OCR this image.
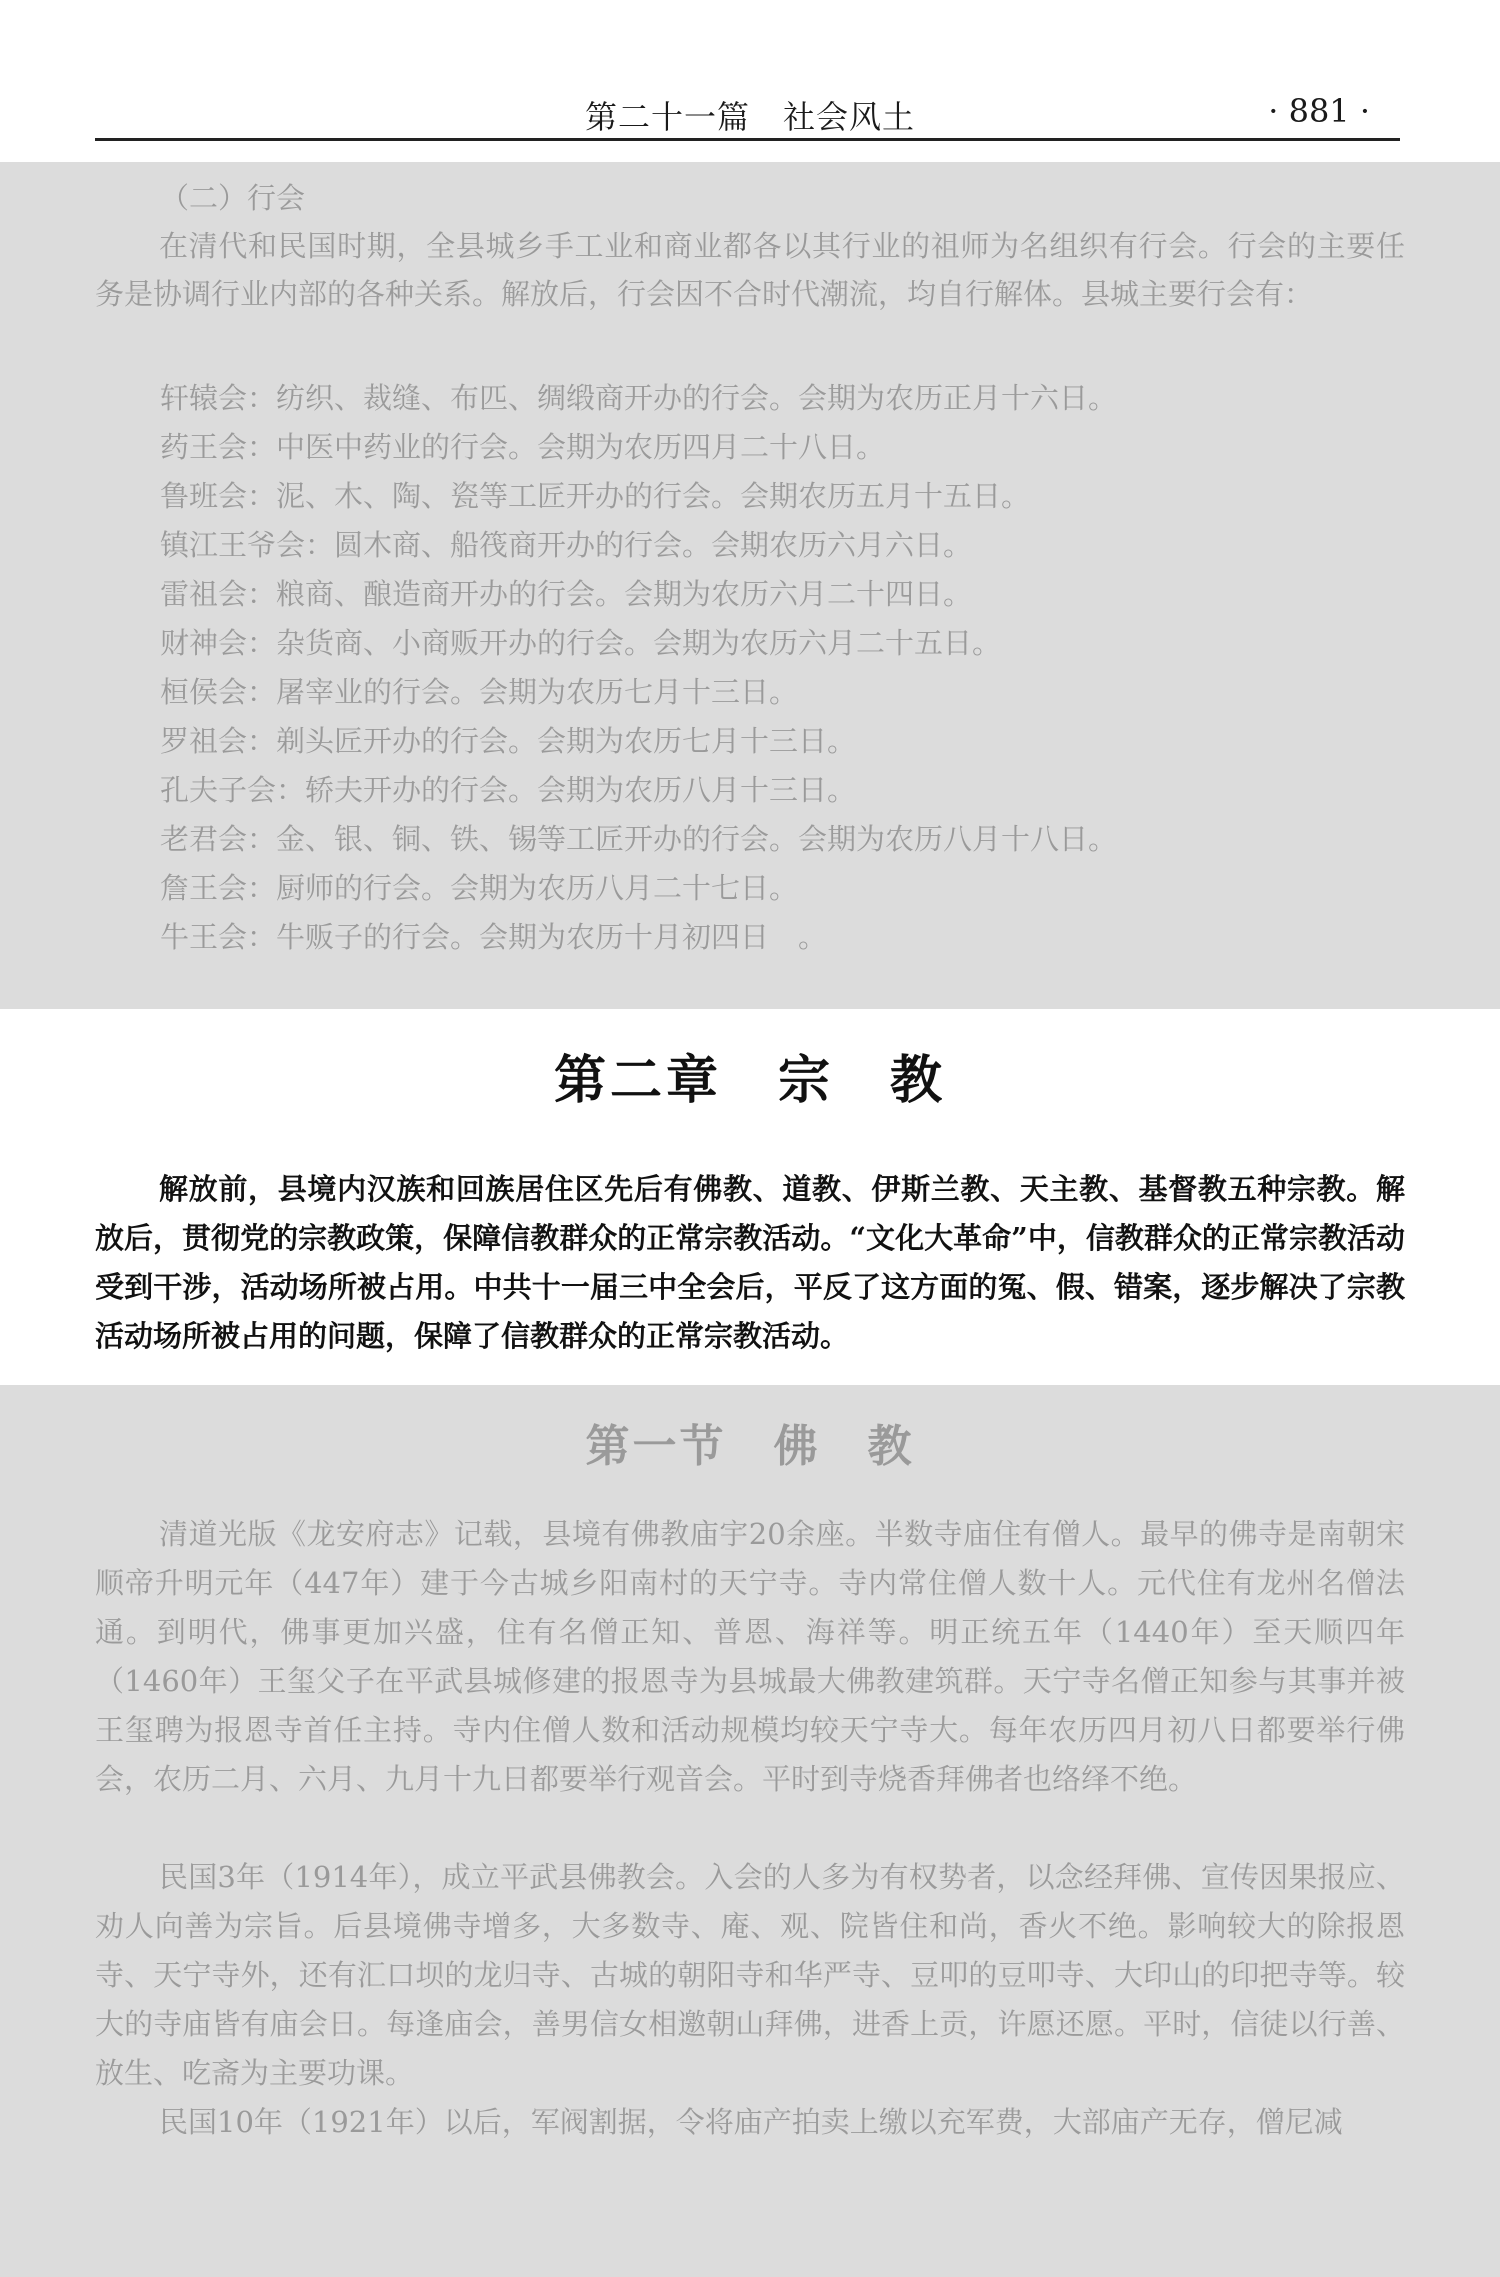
第二十一篇　社会风土	· 881 ·
（二）行会
在清代和民国时期，全县城乡手工业和商业都各以其行业的祖师为名组织有行会。行会的主要任务是协调行业内部的各种关系。解放后，行会因不合时代潮流，均自行解体。县城主要行会有：
轩辕会：纺织、裁缝、布匹、绸缎商开办的行会。会期为农历正月十六日。
药王会：中医中药业的行会。会期为农历四月二十八日。
鲁班会：泥、木、陶、瓷等工匠开办的行会。会期农历五月十五日。
镇江王爷会：圆木商、船筏商开办的行会。会期农历六月六日。
雷祖会：粮商、酿造商开办的行会。会期为农历六月二十四日。
财神会：杂货商、小商贩开办的行会。会期为农历六月二十五日。
桓侯会：屠宰业的行会。会期为农历七月十三日。
罗祖会：剃头匠开办的行会。会期为农历七月十三日。
孔夫子会：轿夫开办的行会。会期为农历八月十三日。
老君会：金、银、铜、铁、锡等工匠开办的行会。会期为农历八月十八日。
詹王会：厨师的行会。会期为农历八月二十七日。
牛王会：牛贩子的行会。会期为农历十月初四日　。
第二章　宗　教
解放前，县境内汉族和回族居住区先后有佛教、道教、伊斯兰教、天主教、基督教五种宗教。解放后，贯彻党的宗教政策，保障信教群众的正常宗教活动。“文化大革命”中，信教群众的正常宗教活动受到干涉，活动场所被占用。中共十一届三中全会后，平反了这方面的冤、假、错案，逐步解决了宗教活动场所被占用的问题，保障了信教群众的正常宗教活动。
第一节　佛　教
清道光版《龙安府志》记载，县境有佛教庙宇20余座。半数寺庙住有僧人。最早的佛寺是南朝宋顺帝升明元年（447年）建于今古城乡阳南村的天宁寺。寺内常住僧人数十人。元代住有龙州名僧法通。到明代，佛事更加兴盛，住有名僧正知、普恩、海祥等。明正统五年（1440年）至天顺四年（1460年）王玺父子在平武县城修建的报恩寺为县城最大佛教建筑群。天宁寺名僧正知参与其事并被王玺聘为报恩寺首任主持。寺内住僧人数和活动规模均较天宁寺大。每年农历四月初八日都要举行佛会，农历二月、六月、九月十九日都要举行观音会。平时到寺烧香拜佛者也络绎不绝。
民国3年（1914年），成立平武县佛教会。入会的人多为有权势者，以念经拜佛、宣传因果报应、劝人向善为宗旨。后县境佛寺增多，大多数寺、庵、观、院皆住和尚，香火不绝。影响较大的除报恩寺、天宁寺外，还有汇口坝的龙归寺、古城的朝阳寺和华严寺、豆叩的豆叩寺、大印山的印把寺等。较大的寺庙皆有庙会日。每逢庙会，善男信女相邀朝山拜佛，进香上贡，许愿还愿。平时，信徒以行善、放生、吃斋为主要功课。
民国10年（1921年）以后，军阀割据，令将庙产拍卖上缴以充军费，大部庙产无存，僧尼减
